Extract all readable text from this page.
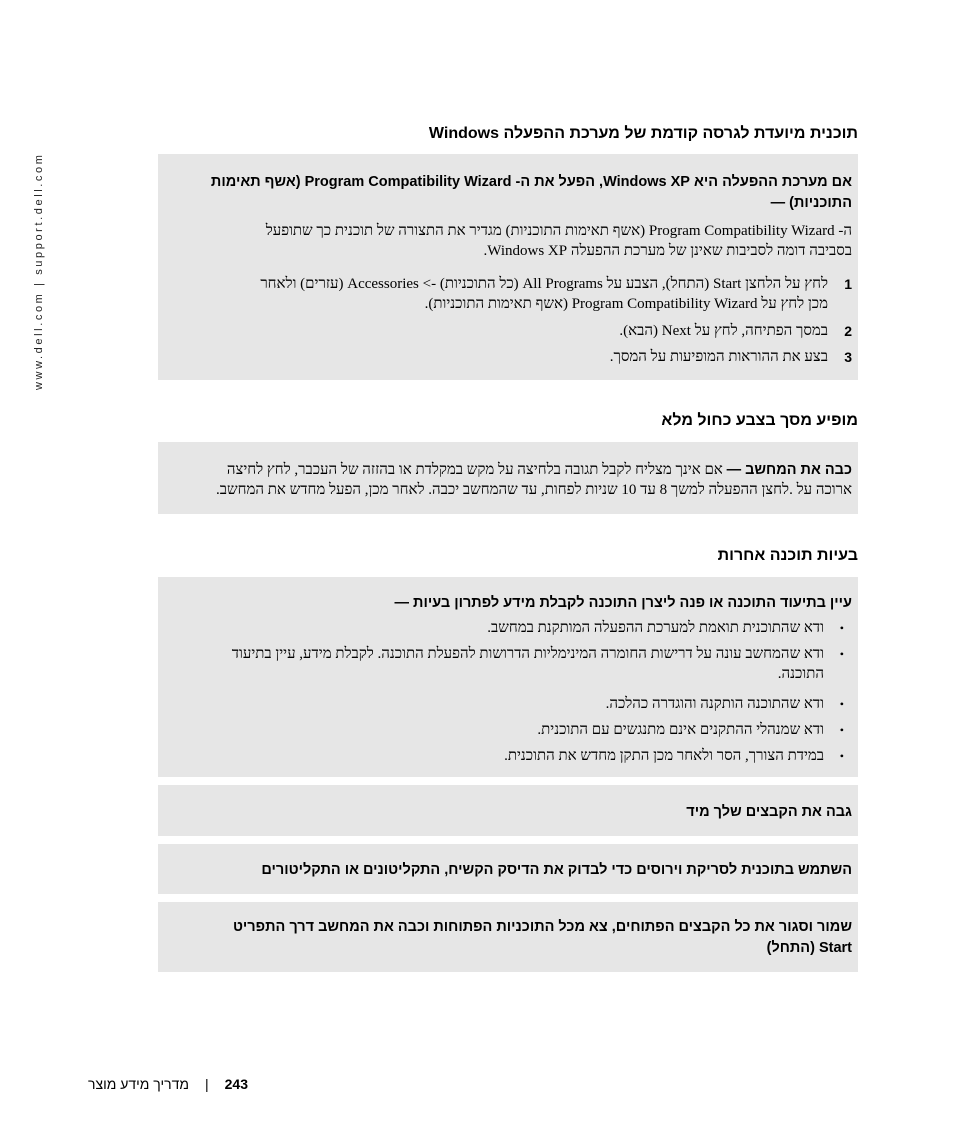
www.dell.com | support.dell.com
תוכנית מיועדת לגרסה קודמת של מערכת ההפעלה Windows
אם מערכת ההפעלה היא Windows XP, הפעל את ה- Program Compatibility Wizard (אשף תאימות התוכניות) —
ה- Program Compatibility Wizard (אשף תאימות התוכניות) מגדיר את התצורה של תוכנית כך שתופעל
בסביבה דומה לסביבות שאינן של מערכת ההפעלה Windows XP.
1
לחץ על הלחצן Start (התחל), הצבע על All Programs (כל התוכניות) -> Accessories (עזרים) ולאחר
מכן לחץ על Program Compatibility Wizard (אשף תאימות התוכניות).
2
במסך הפתיחה, לחץ על Next (הבא).
3
בצע את ההוראות המופיעות על המסך.
מופיע מסך בצבע כחול מלא
כבה את המחשב — אם אינך מצליח לקבל תגובה בלחיצה על מקש במקלדת או בהזזה של העכבר, לחץ לחיצה
ארוכה על .לחצן ההפעלה למשך 8 עד 10 שניות לפחות, עד שהמחשב יכבה. לאחר מכן, הפעל מחדש את המחשב.
בעיות תוכנה אחרות
עיין בתיעוד התוכנה או פנה ליצרן התוכנה לקבלת מידע לפתרון בעיות —
•
ודא שהתוכנית תואמת למערכת ההפעלה המותקנת במחשב.
•
ודא שהמחשב עונה על דרישות החומרה המינימליות הדרושות להפעלת התוכנה. לקבלת מידע, עיין בתיעוד
התוכנה.
•
ודא שהתוכנה הותקנה והוגדרה כהלכה.
•
ודא שמנהלי ההתקנים אינם מתנגשים עם התוכנית.
•
במידת הצורך, הסר ולאחר מכן התקן מחדש את התוכנית.
גבה את הקבצים שלך מיד
השתמש בתוכנית לסריקת וירוסים כדי לבדוק את הדיסק הקשיח, התקליטונים או התקליטורים
שמור וסגור את כל הקבצים הפתוחים, צא מכל התוכניות הפתוחות וכבה את המחשב דרך התפריט
Start (התחל)
243|מדריך מידע מוצר
